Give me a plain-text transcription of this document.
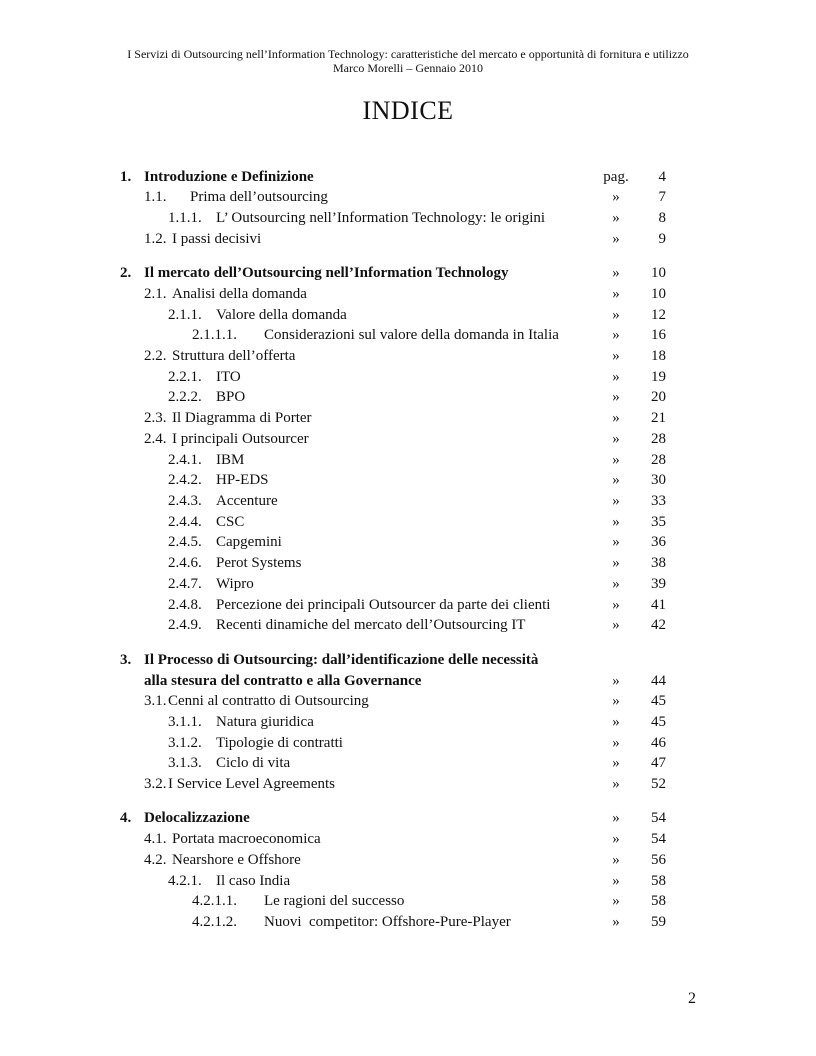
I Servizi di Outsourcing nell’Information Technology: caratteristiche del mercato e opportunità di fornitura e utilizzo
Marco Morelli – Gennaio 2010
INDICE
1. Introduzione e Definizione	pag.	4
1.1. Prima dell’outsourcing	»	7
1.1.1. L’ Outsourcing nell’Information Technology: le origini	»	8
1.2. I passi decisivi	»	9
2. Il mercato dell’Outsourcing nell’Information Technology	»	10
2.1. Analisi della domanda	»	10
2.1.1. Valore della domanda	»	12
2.1.1.1. Considerazioni sul valore della domanda in Italia	»	16
2.2. Struttura dell’offerta	»	18
2.2.1. ITO	»	19
2.2.2. BPO	»	20
2.3. Il Diagramma di Porter	»	21
2.4. I principali Outsourcer	»	28
2.4.1. IBM	»	28
2.4.2. HP-EDS	»	30
2.4.3. Accenture	»	33
2.4.4. CSC	»	35
2.4.5. Capgemini	»	36
2.4.6. Perot Systems	»	38
2.4.7. Wipro	»	39
2.4.8. Percezione dei principali Outsourcer da parte dei clienti	»	41
2.4.9. Recenti dinamiche del mercato dell’Outsourcing IT	»	42
3. Il Processo di Outsourcing: dall’identificazione delle necessità
alla stesura del contratto e alla Governance	»	44
3.1. Cenni al contratto di Outsourcing	»	45
3.1.1. Natura giuridica	»	45
3.1.2. Tipologie di contratti	»	46
3.1.3. Ciclo di vita	»	47
3.2. I Service Level Agreements	»	52
4. Delocalizzazione	»	54
4.1. Portata macroeconomica	»	54
4.2. Nearshore e Offshore	»	56
4.2.1. Il caso India	»	58
4.2.1.1. Le ragioni del successo	»	58
4.2.1.2. Nuovi  competitor: Offshore-Pure-Player	»	59
2
